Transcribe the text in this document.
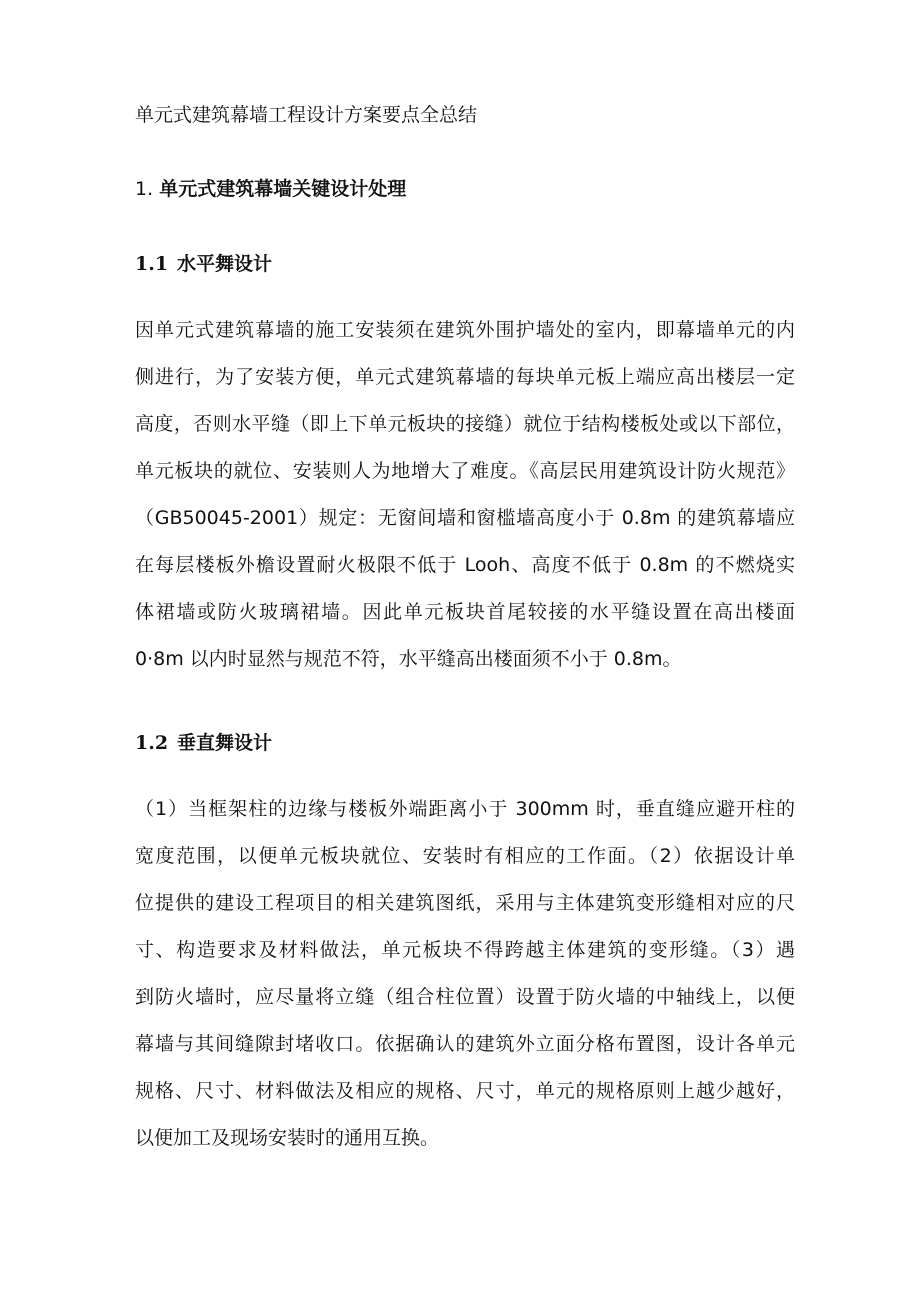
单元式建筑幕墙工程设计方案要点全总结
1. 单元式建筑幕墙关键设计处理
1.1 水平舞设计
因单元式建筑幕墙的施工安装须在建筑外围护墙处的室内，即幕墙单元的内
侧进行，为了安装方便，单元式建筑幕墙的每块单元板上端应高出楼层一定
高度，否则水平缝（即上下单元板块的接缝）就位于结构楼板处或以下部位，
单元板块的就位、安装则人为地增大了难度。《高层民用建筑设计防火规范》
（GB50045-2001）规定：无窗间墙和窗槛墙高度小于 0.8m 的建筑幕墙应
在每层楼板外檐设置耐火极限不低于 Looh、高度不低于 0.8m 的不燃烧实
体裙墙或防火玻璃裙墙。因此单元板块首尾较接的水平缝设置在高出楼面
0·8m 以内时显然与规范不符，水平缝高出楼面须不小于 0.8m。
1.2 垂直舞设计
（1）当框架柱的边缘与楼板外端距离小于 300mm 时，垂直缝应避开柱的
宽度范围，以便单元板块就位、安装时有相应的工作面。（2）依据设计单
位提供的建设工程项目的相关建筑图纸，采用与主体建筑变形缝相对应的尺
寸、构造要求及材料做法，单元板块不得跨越主体建筑的变形缝。（3）遇
到防火墙时，应尽量将立缝（组合柱位置）设置于防火墙的中轴线上，以便
幕墙与其间缝隙封堵收口。依据确认的建筑外立面分格布置图，设计各单元
规格、尺寸、材料做法及相应的规格、尺寸，单元的规格原则上越少越好，
以便加工及现场安装时的通用互换。
